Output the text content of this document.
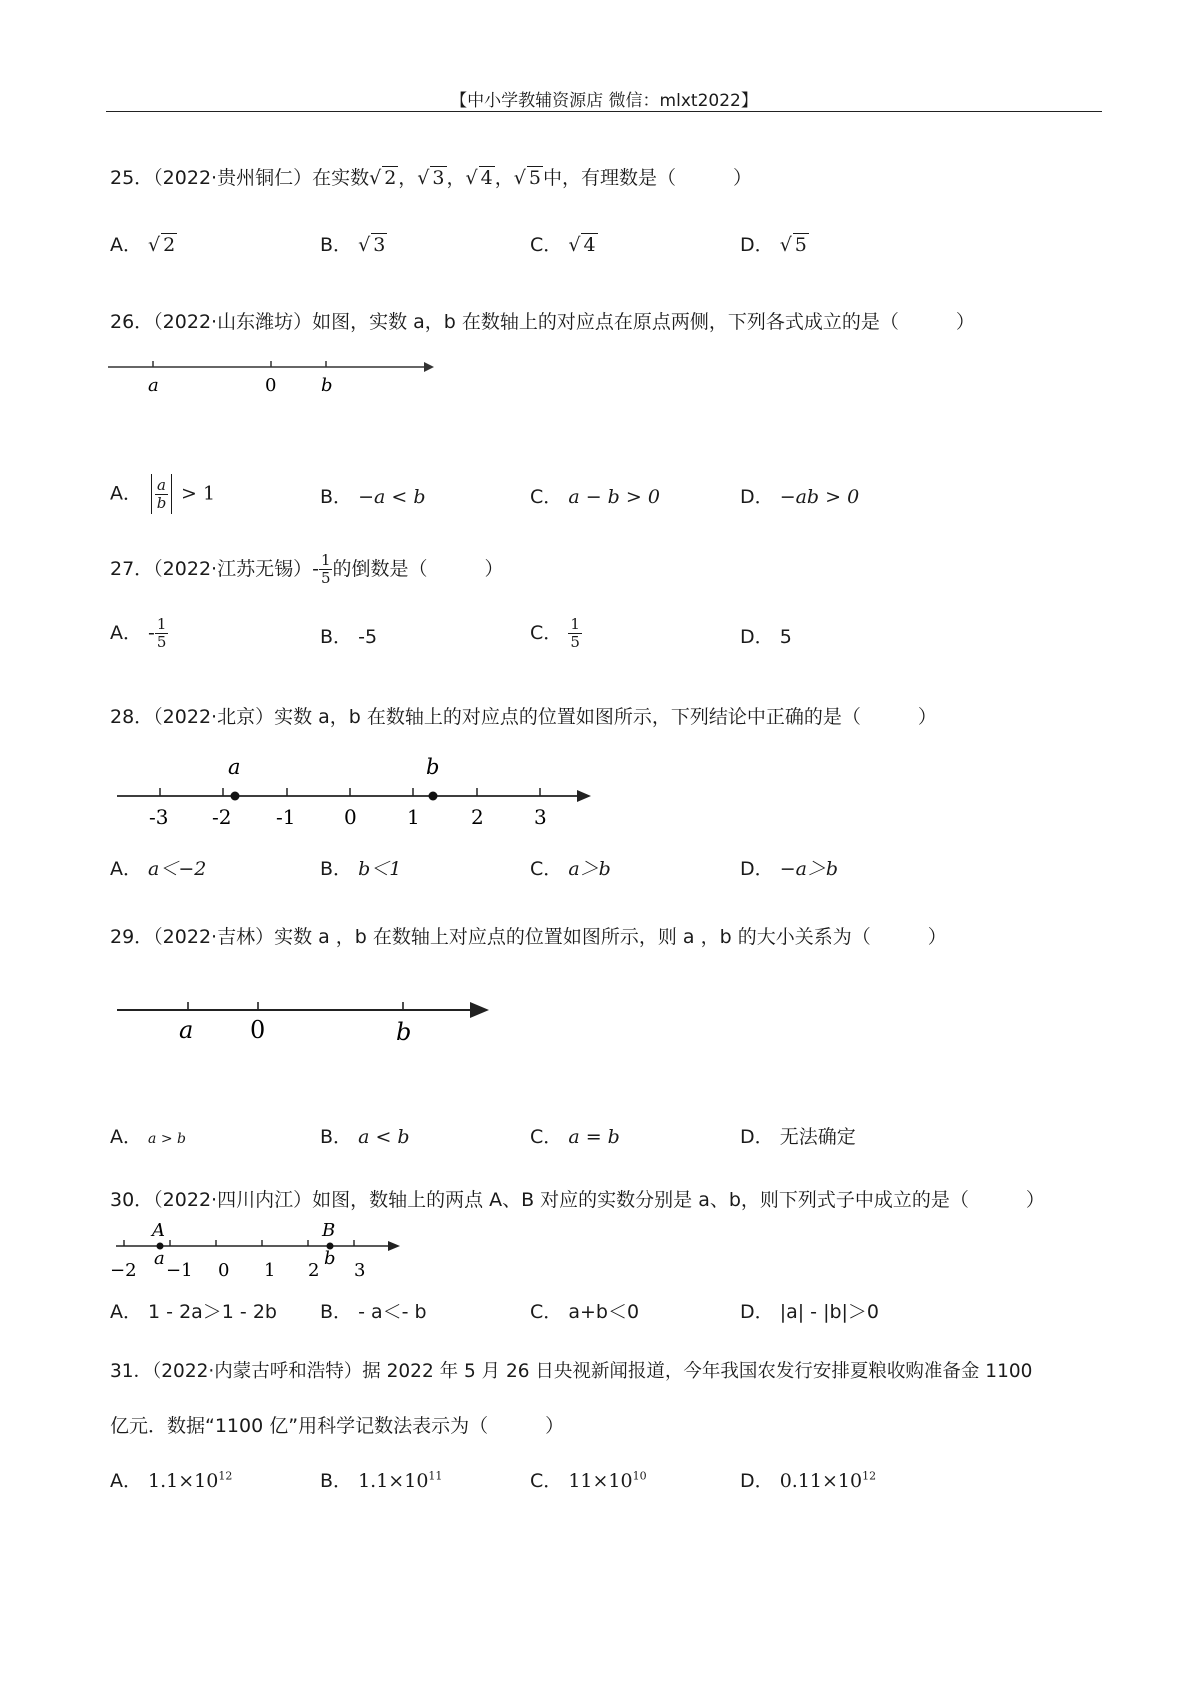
【中小学教辅资源店 微信：mlxt2022】
25．（2022·贵州铜仁）在实数√ 2 ，√ 3 ，√ 4 ，√ 5 中，有理数是（　　　）
A． √ 2	B． √ 3	C． √ 4	D． √ 5
26．（2022·山东潍坊）如图，实数 a，b 在数轴上的对应点在原点两侧，下列各式成立的是（　　　）
a	0 b
A． $\frac{a}{b} > 1$	B． −a < b	C． a − b > 0	D． −ab > 0
27．（2022·江苏无锡）- $\frac{1}{5}$ 的倒数是（　　　）
A． - $\frac{1}{5}$	B． -5	C． $\frac{1}{5}$	D． 5
28．（2022·北京）实数 a，b 在数轴上的对应点的位置如图所示，下列结论中正确的是（　　　）
a	b
-3 -2 -1 0	1	2	3
A． a＜−2	B． b＜1	C． a＞b	D． −a＞b
29．（2022·吉林）实数 a ，b 在数轴上对应点的位置如图所示，则 a ，b 的大小关系为（　　　）
a 0	b
A． a > b	B． a < b	C． a = b	D． 无法确定
30．（2022·四川内江）如图，数轴上的两点 A、B 对应的实数分别是 a、b，则下列式子中成立的是（　　　）
A
a
B
b
−2 −1 0 1 2 3
A． 1 - 2a＞1 - 2b B． - a＜- b	C． a+b＜0	D． |a| - |b|＞0
31．（2022·内蒙古呼和浩特）据 2022 年 5 月 26 日央视新闻报道，今年我国农发行安排夏粮收购准备金 1100
亿元．数据“1100 亿”用科学记数法表示为（　　　）
A． $1.1\times 10^{12}$	B． $1.1\times 10^{11}$	C． $11\times 10^{10}$	D． $0.11\times 10^{12}$
